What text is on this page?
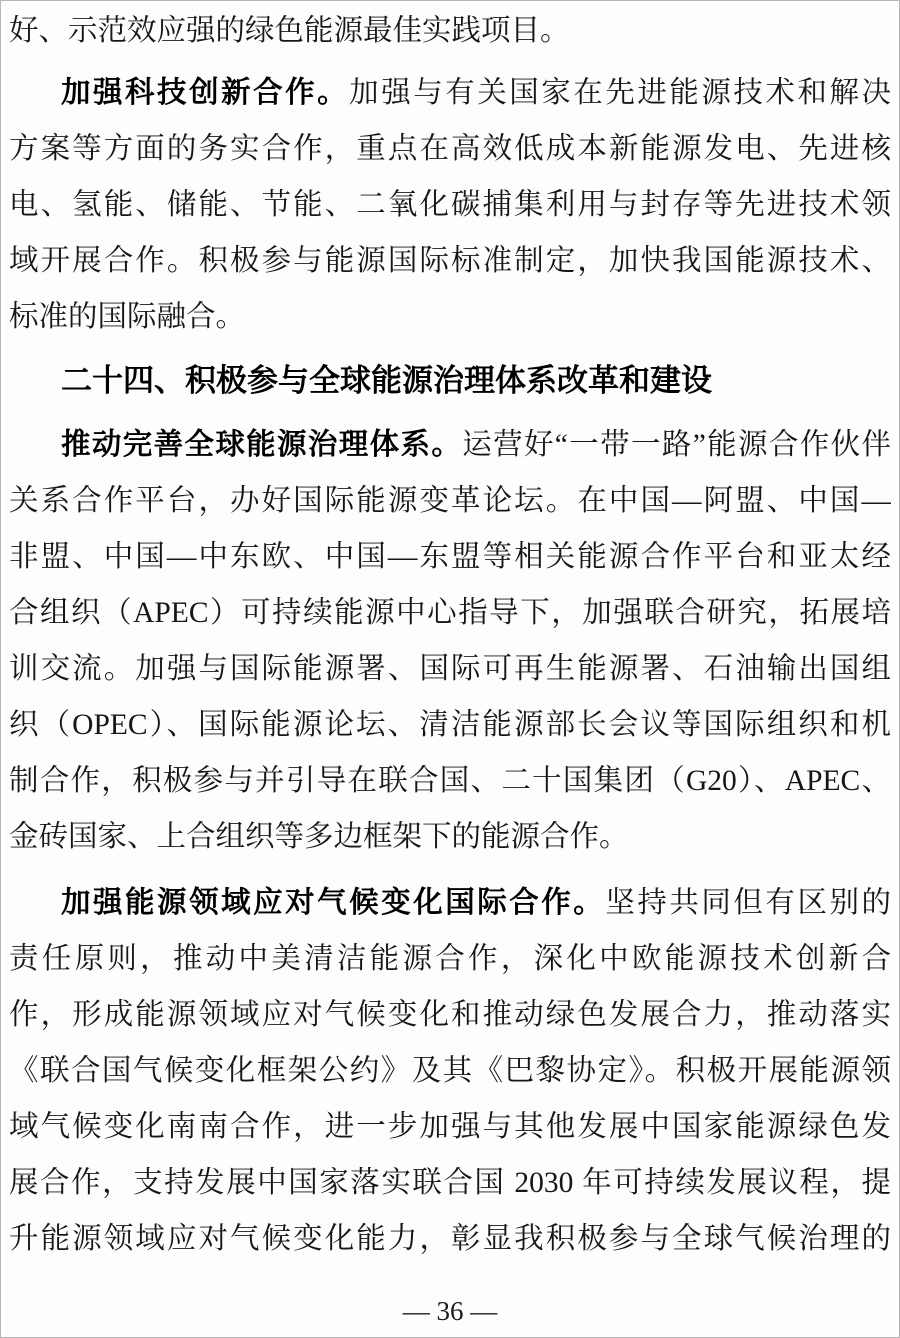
好、示范效应强的绿色能源最佳实践项目。
加强科技创新合作。加强与有关国家在先进能源技术和解决
方案等方面的务实合作，重点在高效低成本新能源发电、先进核
电、氢能、储能、节能、二氧化碳捕集利用与封存等先进技术领
域开展合作。积极参与能源国际标准制定，加快我国能源技术、
标准的国际融合。
二十四、积极参与全球能源治理体系改革和建设
推动完善全球能源治理体系。运营好“一带一路”能源合作伙伴
关系合作平台，办好国际能源变革论坛。在中国—阿盟、中国—
非盟、中国—中东欧、中国—东盟等相关能源合作平台和亚太经
合组织（APEC）可持续能源中心指导下，加强联合研究，拓展培
训交流。加强与国际能源署、国际可再生能源署、石油输出国组
织（OPEC）、国际能源论坛、清洁能源部长会议等国际组织和机
制合作，积极参与并引导在联合国、二十国集团（G20）、APEC、
金砖国家、上合组织等多边框架下的能源合作。
加强能源领域应对气候变化国际合作。坚持共同但有区别的
责任原则，推动中美清洁能源合作，深化中欧能源技术创新合
作，形成能源领域应对气候变化和推动绿色发展合力，推动落实
《联合国气候变化框架公约》及其《巴黎协定》。积极开展能源领
域气候变化南南合作，进一步加强与其他发展中国家能源绿色发
展合作，支持发展中国家落实联合国 2030 年可持续发展议程，提
升能源领域应对气候变化能力，彰显我积极参与全球气候治理的
— 36 —
